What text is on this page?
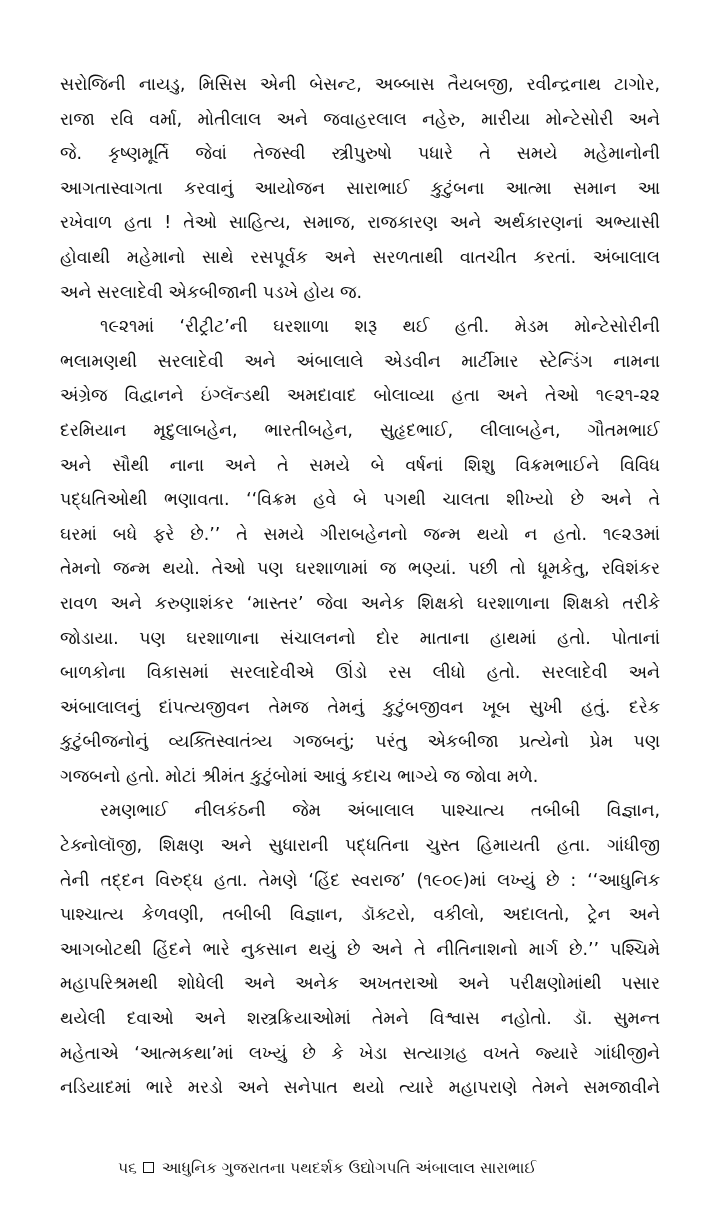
સરોજિની નાયડુ, મિસિસ એની બેસન્ટ, અબ્બાસ તૈયબજી, રવીન્દ્રનાથ ટાગોર,
રાજા રવિ વર્મા, મોતીલાલ અને જવાહરલાલ નહેરુ, મારીયા મોન્ટેસોરી અને
જે. કૃષ્ણમૂર્તિ જેવાં તેજસ્વી સ્ત્રીપુરુષો પધારે તે સમયે મહેમાનોની
આગતાસ્વાગતા કરવાનું આયોજન સારાભાઈ કુટુંબના આત્મા સમાન આ
રખેવાળ હતા ! તેઓ સાહિત્ય, સમાજ, રાજકારણ અને અર્થકારણનાં અભ્યાસી
હોવાથી મહેમાનો સાથે રસપૂર્વક અને સરળતાથી વાતચીત કરતાં. અંબાલાલ
અને સરલાદેવી એકબીજાની પડખે હોય જ.
૧૯૨૧માં ‘રીટ્રીટ’ની ઘરશાળા શરૂ થઈ હતી. મેડમ મોન્ટેસોરીની
ભલામણથી સરલાદેવી અને અંબાલાલે એડવીન માર્ટીમાર સ્ટેન્ડિંગ નામના
અંગ્રેજ વિદ્વાનને ઇંગ્લૅન્ડથી અમદાવાદ બોલાવ્યા હતા અને તેઓ ૧૯૨૧-૨૨
દરમિયાન મૃદુલાબહેન, ભારતીબહેન, સુહૃદભાઈ, લીલાબહેન, ગૌતમભાઈ
અને સૌથી નાના અને તે સમયે બે વર્ષનાં શિશુ વિક્રમભાઈને વિવિધ
પદ્ધતિઓથી ભણાવતા. ‘‘વિક્રમ હવે બે પગથી ચાલતા શીખ્યો છે અને તે
ઘરમાં બધે ફરે છે.’’ તે સમયે ગીરાબહેનનો જન્મ થયો ન હતો. ૧૯૨૩માં
તેમનો જન્મ થયો. તેઓ પણ ઘરશાળામાં જ ભણ્યાં. પછી તો ધૂમકેતુ, રવિશંકર
રાવળ અને કરુણાશંકર ‘માસ્તર’ જેવા અનેક શિક્ષકો ઘરશાળાના શિક્ષકો તરીકે
જોડાયા. પણ ઘરશાળાના સંચાલનનો દોર માતાના હાથમાં હતો. પોતાનાં
બાળકોના વિકાસમાં સરલાદેવીએ ઊંડો રસ લીધો હતો. સરલાદેવી અને
અંબાલાલનું દાંપત્યજીવન તેમજ તેમનું કુટુંબજીવન ખૂબ સુખી હતું. દરેક
કુટુંબીજનોનું વ્યક્તિસ્વાતંત્ર્ય ગજબનું; પરંતુ એકબીજા પ્રત્યેનો પ્રેમ પણ
ગજબનો હતો. મોટાં શ્રીમંત કુટુંબોમાં આવું કદાચ ભાગ્યે જ જોવા મળે.
રમણભાઈ નીલકંઠની જેમ અંબાલાલ પાશ્ચાત્ય તબીબી વિજ્ઞાન,
ટેક્નોલૉજી, શિક્ષણ અને સુધારાની પદ્ધતિના ચુસ્ત હિમાયતી હતા. ગાંધીજી
તેની તદ્દન વિરુદ્ધ હતા. તેમણે ‘હિંદ સ્વરાજ’ (૧૯૦૯)માં લખ્યું છે : ‘‘આધુનિક
પાશ્ચાત્ય કેળવણી, તબીબી વિજ્ઞાન, ડૉક્ટરો, વકીલો, અદાલતો, ટ્રેન અને
આગબોટથી હિંદને ભારે નુકસાન થયું છે અને તે નીતિનાશનો માર્ગ છે.’’ પશ્ચિમે
મહાપરિશ્રમથી શોધેલી અને અનેક અખતરાઓ અને પરીક્ષણોમાંથી પસાર
થયેલી દવાઓ અને શસ્ત્રક્રિયાઓમાં તેમને વિશ્વાસ નહોતો. ડૉ. સુમન્ત
મહેતાએ ‘આત્મકથા’માં લખ્યું છે કે ખેડા સત્યાગ્રહ વખતે જ્યારે ગાંધીજીને
નડિયાદમાં ભારે મરડો અને સનેપાત થયો ત્યારે મહાપરાણે તેમને સમજાવીને
૫૬ આધુનિક ગુજરાતના પથદર્શક ઉદ્યોગપતિ અંબાલાલ સારાભાઈ
